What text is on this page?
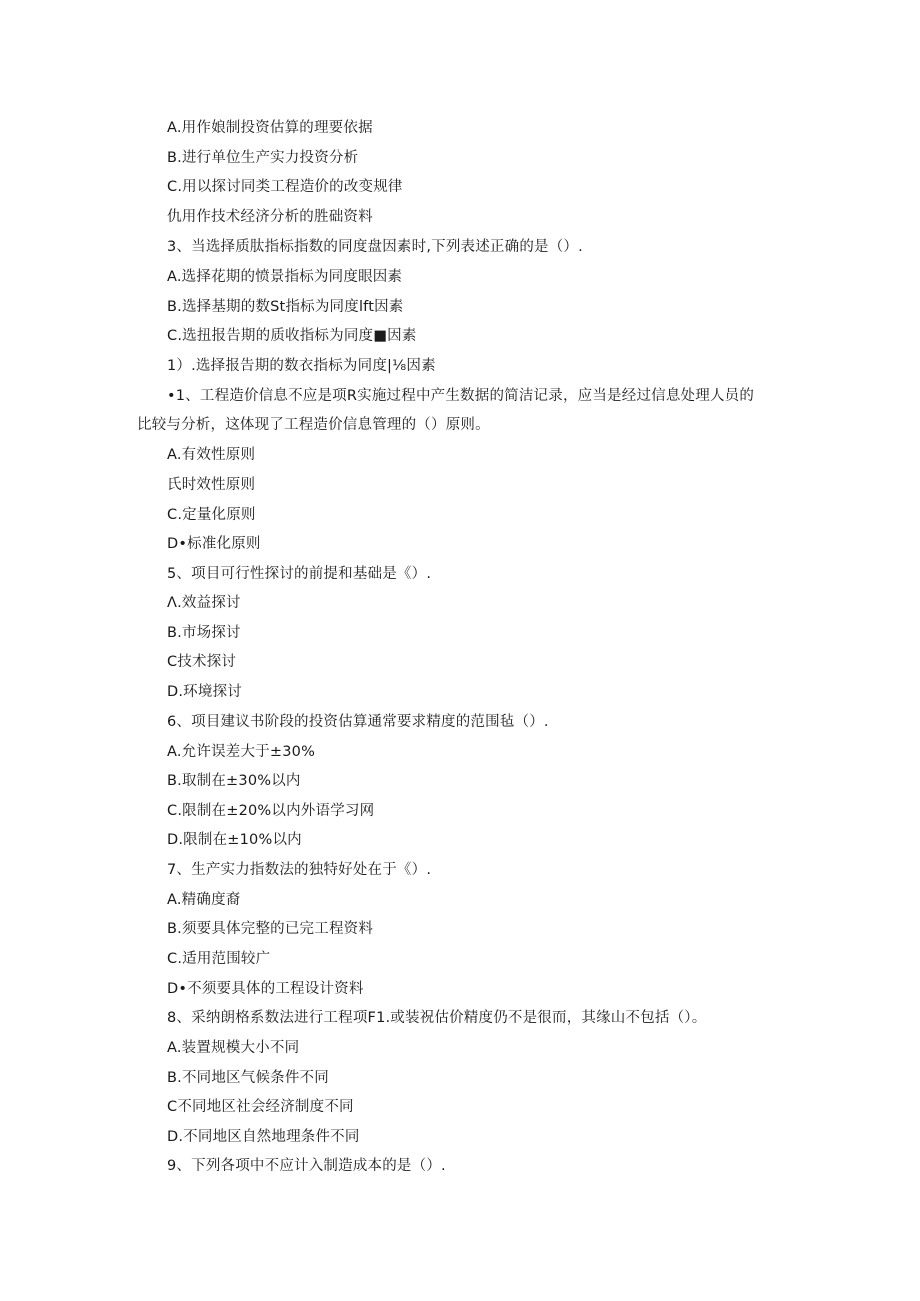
A.用作娘制投资估算的理要依据
B.进行单位生产实力投资分析
C.用以探讨同类工程造价的改变规律
仇用作技术经济分析的胜础资料
3、当选择质肽指标指数的同度盘因素时,下列表述正确的是（）.
A.选择花期的愤景指标为同度眼因素
B.选择基期的数St指标为同度lft因素
C.选扭报告期的质收指标为同度■因素
1）.选择报告期的数衣指标为同度|⅛因素
•1、工程造价信息不应是项R实施过程中产生数据的简洁记录，应当是经过信息处理人员的
比较与分析，这体现了工程造价信息管理的（）原则。
A.有效性原则
氏时效性原则
C.定量化原则
D•标准化原则
5、项目可行性探讨的前提和基础是《）.
Λ.效益探讨
B.市场探讨
C技术探讨
D.环境探讨
6、项目建议书阶段的投资估算通常要求精度的范围毡（）.
A.允许误差大于±30%
B.取制在±30%以内
C.限制在±20%以内外语学习网
D.限制在±10%以内
7、生产实力指数法的独特好处在于《）.
A.精确度裔
B.须要具体完整的已完工程资料
C.适用范围较广
D•不须要具体的工程设计资料
8、采纳朗格系数法进行工程项F1.或装祝估价精度仍不是很而，其缘山不包括（）。
A.装置规模大小不同
B.不同地区气候条件不同
C不同地区社会经济制度不同
D.不同地区自然地理条件不同
9、下列各项中不应计入制造成本的是（）.
